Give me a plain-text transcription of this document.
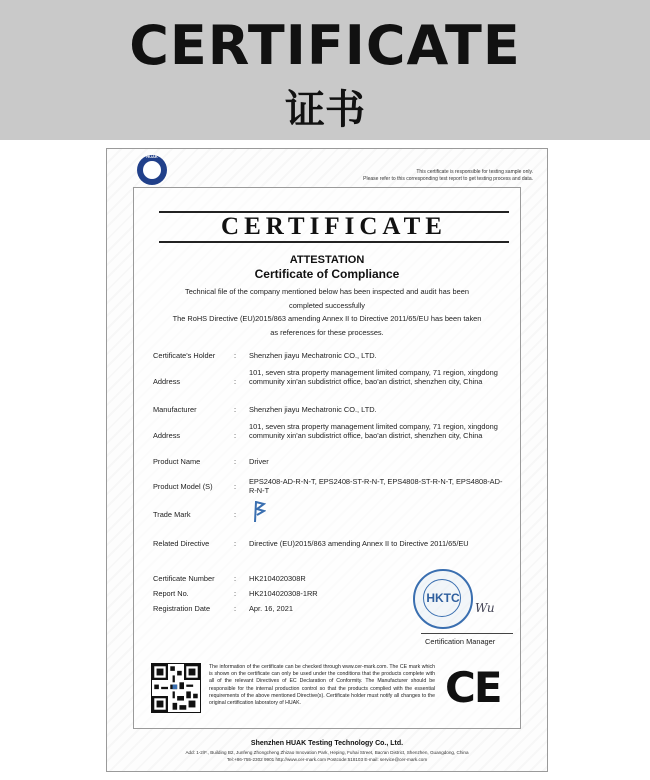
CERTIFICATE
证书
HUAK
This certificate is responsible for testing sample only.
Please refer to this corresponding test report to get testing process and data.
CERTIFICATE
ATTESTATION
Certificate of Compliance
Technical file of the company mentioned below has been inspected and audit has been
completed successfully
The RoHS Directive (EU)2015/863 amending Annex II to Directive 2011/65/EU has been taken
as references for these processes.
Certificate's Holder	: Shenzhen jiayu Mechatronic CO., LTD.
Address	:
101, seven stra property management limited company, 71 region, xingdong community xin'an subdistrict office, bao'an district, shenzhen city, China
Manufacturer	: Shenzhen jiayu Mechatronic CO., LTD.
Address	:
101, seven stra property management limited company, 71 region, xingdong community xin'an subdistrict office, bao'an district, shenzhen city, China
Product Name	: Driver
Product Model (S)	:
EPS2408-AD-R-N-T, EPS2408-ST-R-N-T, EPS4808-ST-R-N-T, EPS4808-AD-R-N-T
Trade Mark	:
Related Directive	: Directive (EU)2015/863 amending Annex II to Directive 2011/65/EU
Certificate Number	: HK2104020308R
Report No.	: HK2104020308-1RR
Registration Date	: Apr. 16, 2021
HKTC
Wu
Certification Manager
The information of the certificate can be checked through www.cer-mark.com. The CE mark which is shown on the certificate can only be used under the conditions that the products complete with all of the relevant Directives of EC Declaration of Conformity. The Manufacturer should be responsible for the internal production control so that the products complied with the essential requirements of the above mentioned Directive(s). Certificate holder must notify all changes to the original certification laboratory of HUAK.	CE
Shenzhen HUAK Testing Technology Co., Ltd.
Add: 1-2/F., Building B2, Junfeng Zhongcheng Zhizao Innovation Park, Heping, Fuhai Street, Bao'an District, Shenzhen, Guangdong, China
Tel:+86-755-2302 9901 http://www.cer-mark.com Postcode:518103 E-mail: service@cer-mark.com
